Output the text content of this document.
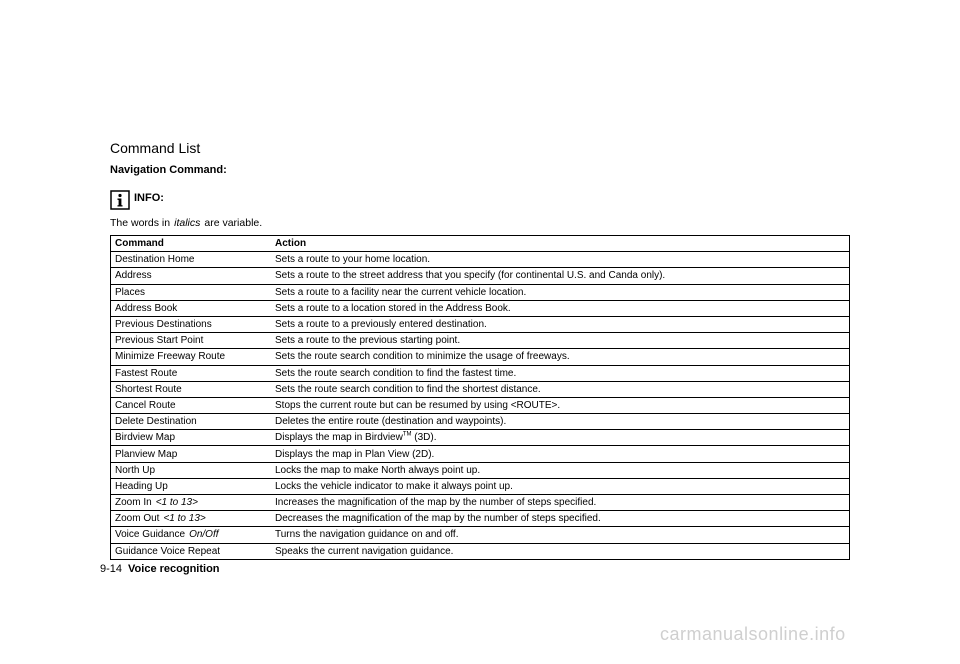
Command List
Navigation Command:
INFO:
The words in italics are variable.
Command	Action
Destination Home	Sets a route to your home location.
Address	Sets a route to the street address that you specify (for continental U.S. and Canda only).
Places	Sets a route to a facility near the current vehicle location.
Address Book	Sets a route to a location stored in the Address Book.
Previous Destinations	Sets a route to a previously entered destination.
Previous Start Point	Sets a route to the previous starting point.
Minimize Freeway Route	Sets the route search condition to minimize the usage of freeways.
Fastest Route	Sets the route search condition to find the fastest time.
Shortest Route	Sets the route search condition to find the shortest distance.
Cancel Route	Stops the current route but can be resumed by using <ROUTE>.
Delete Destination	Deletes the entire route (destination and waypoints).
Birdview Map	Displays the map in Birdview™ (3D).
Planview Map	Displays the map in Plan View (2D).
North Up	Locks the map to make North always point up.
Heading Up	Locks the vehicle indicator to make it always point up.
Zoom In <1 to 13>	Increases the magnification of the map by the number of steps specified.
Zoom Out <1 to 13>	Decreases the magnification of the map by the number of steps specified.
Voice Guidance On/Off	Turns the navigation guidance on and off.
Guidance Voice Repeat	Speaks the current navigation guidance.
9-14 Voice recognition
carmanualsonline.info
